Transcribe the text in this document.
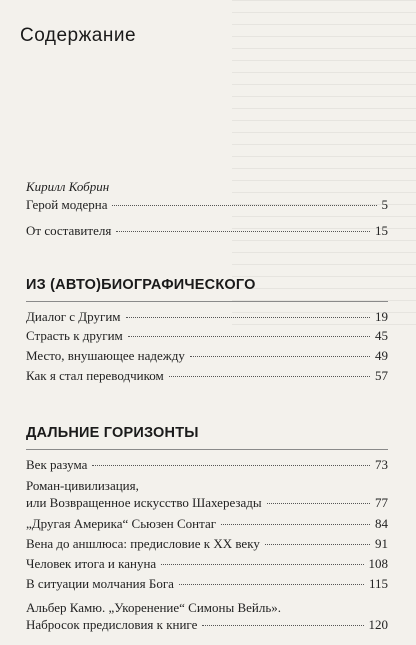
Содержание
Кирилл Кобрин
Герой модерна	5
От составителя	15
ИЗ (АВТО)БИОГРАФИЧЕСКОГО
Диалог с Другим	19
Страсть к другим	45
Место, внушающее надежду	49
Как я стал переводчиком	57
ДАЛЬНИЕ ГОРИЗОНТЫ
Век разума	73
Роман-цивилизация,
или Возвращенное искусство Шахерезады	77
„Другая Америка“ Сьюзен Сонтаг	84
Вена до аншлюса: предисловие к XX веку	91
Человек итога и кануна	108
В ситуации молчания Бога	115
Альбер Камю. „Укоренение“ Симоны Вейль».
Набросок предисловия к книге	120
